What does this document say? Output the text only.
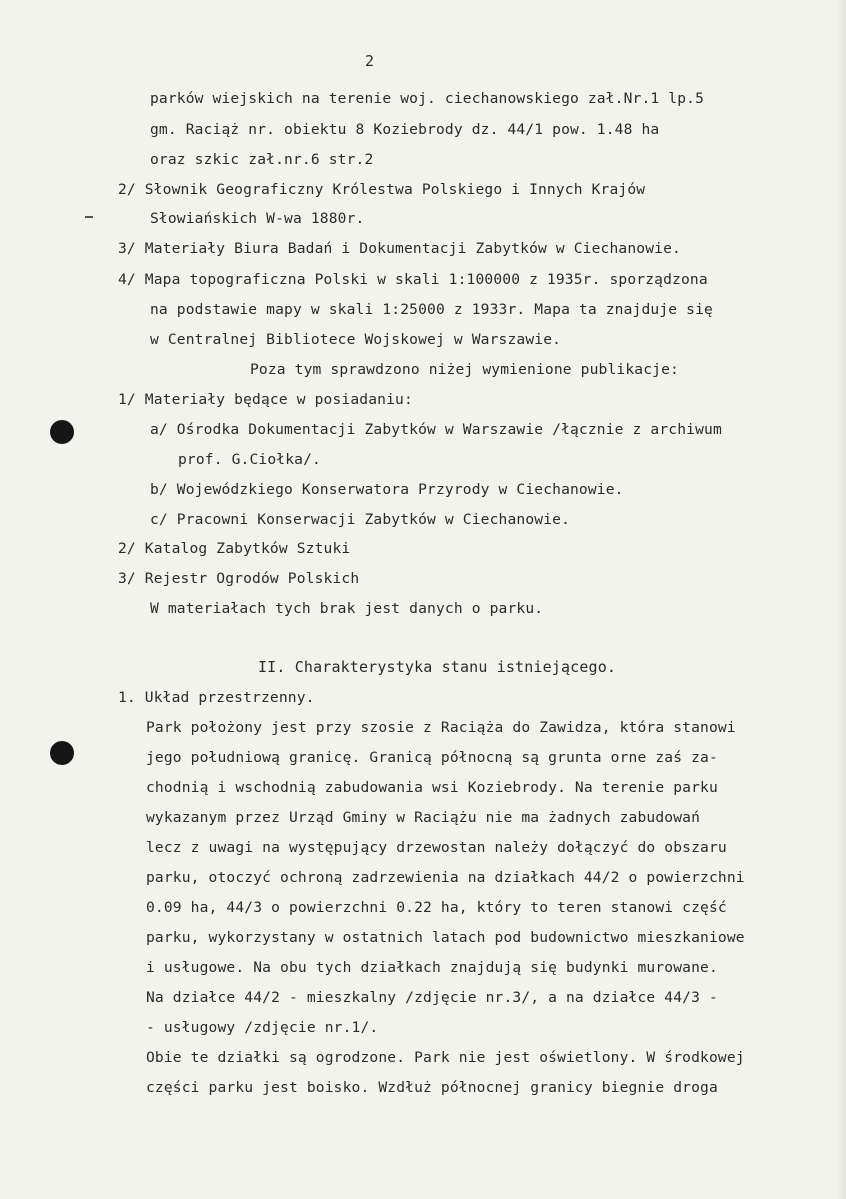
2
parków wiejskich na terenie woj. ciechanowskiego zał.Nr.1 lp.5
gm. Raciąż nr. obiektu 8 Koziebrody dz. 44/1 pow. 1.48 ha
oraz szkic zał.nr.6 str.2
2/ Słownik Geograficzny Królestwa Polskiego i Innych Krajów
Słowiańskich W-wa 1880r.
3/ Materiały Biura Badań i Dokumentacji Zabytków w Ciechanowie.
4/ Mapa topograficzna Polski w skali 1:100000 z 1935r. sporządzona
na podstawie mapy w skali 1:25000 z 1933r. Mapa ta znajduje się
w Centralnej Bibliotece Wojskowej w Warszawie.
Poza tym sprawdzono niżej wymienione publikacje:
1/ Materiały będące w posiadaniu:
a/ Ośrodka Dokumentacji Zabytków w Warszawie /łącznie z archiwum
prof. G.Ciołka/.
b/ Wojewódzkiego Konserwatora Przyrody w Ciechanowie.
c/ Pracowni Konserwacji Zabytków w Ciechanowie.
2/ Katalog Zabytków Sztuki
3/ Rejestr Ogrodów Polskich
W materiałach tych brak jest danych o parku.
II. Charakterystyka stanu istniejącego.
1. Układ przestrzenny.
Park położony jest przy szosie z Raciąża do Zawidza, która stanowi
jego południową granicę. Granicą północną są grunta orne zaś za-
chodnią i wschodnią zabudowania wsi Koziebrody. Na terenie parku
wykazanym przez Urząd Gminy w Raciążu nie ma żadnych zabudowań
lecz z uwagi na występujący drzewostan należy dołączyć do obszaru
parku, otoczyć ochroną zadrzewienia na działkach 44/2 o powierzchni
0.09 ha, 44/3 o powierzchni 0.22 ha, który to teren stanowi część
parku, wykorzystany w ostatnich latach pod budownictwo mieszkaniowe
i usługowe. Na obu tych działkach znajdują się budynki murowane.
Na działce 44/2 - mieszkalny /zdjęcie nr.3/, a na działce 44/3 -
- usługowy /zdjęcie nr.1/.
Obie te działki są ogrodzone. Park nie jest oświetlony. W środkowej
części parku jest boisko. Wzdłuż północnej granicy biegnie droga
